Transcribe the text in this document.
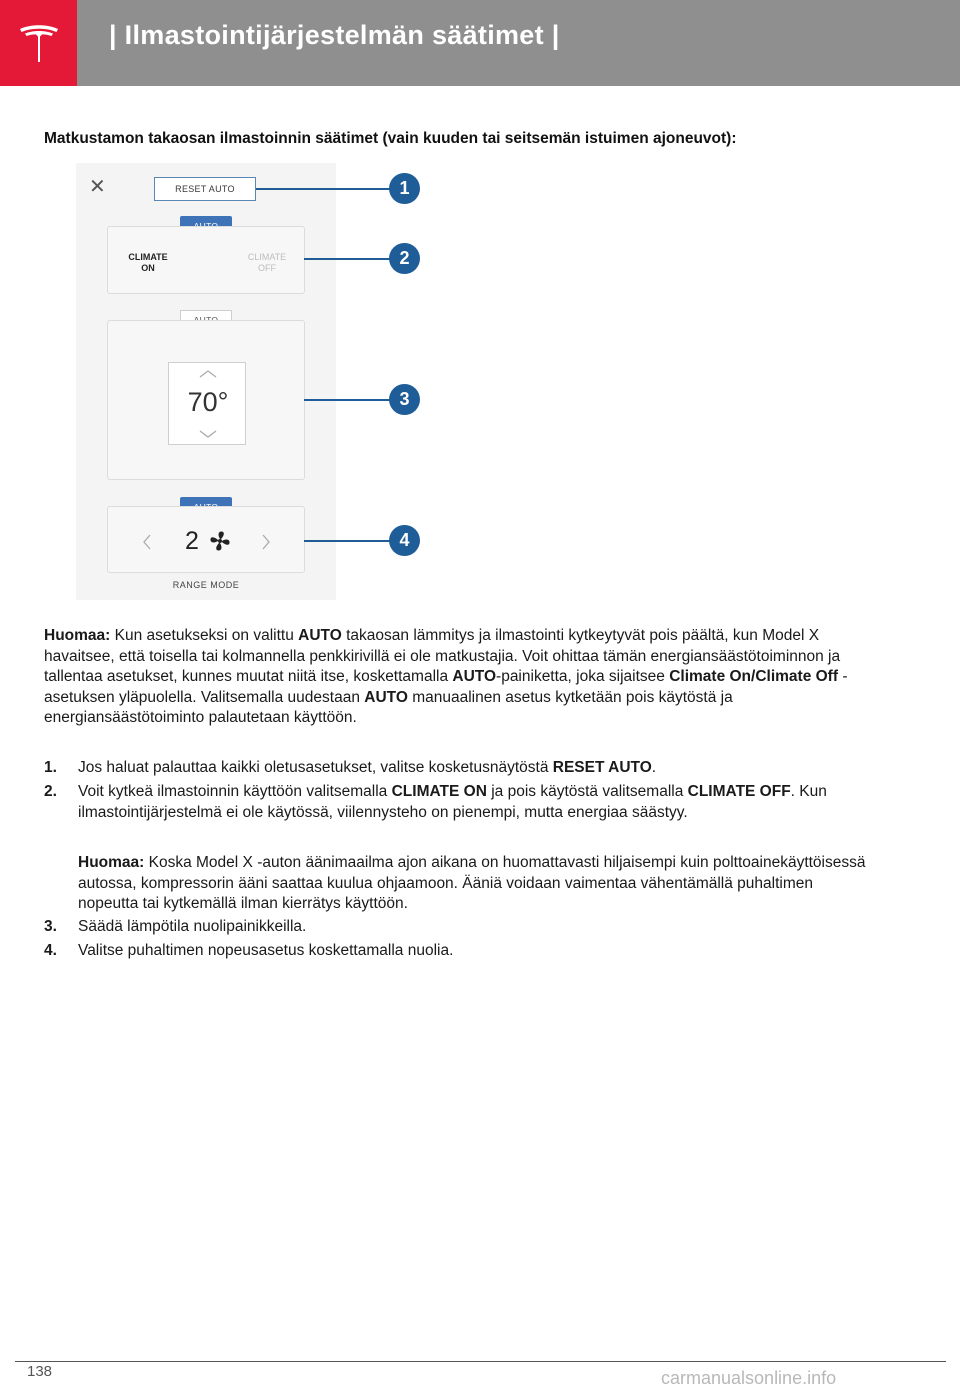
| Ilmastointijärjestelmän säätimet |
Matkustamon takaosan ilmastoinnin säätimet (vain kuuden tai seitsemän istuimen ajoneuvot):
✕	RESET AUTO
CLIMATE ON
CLIMATE OFF
70°
2
RANGE MODE
1
2
3
4
Huomaa: Kun asetukseksi on valittu AUTO takaosan lämmitys ja ilmastointi kytkeytyvät pois päältä, kun Model X havaitsee, että toisella tai kolmannella penkkirivillä ei ole matkustajia. Voit ohittaa tämän energiansäästötoiminnon ja tallentaa asetukset, kunnes muutat niitä itse, koskettamalla AUTO-painiketta, joka sijaitsee Climate On/Climate Off -asetuksen yläpuolella. Valitsemalla uudestaan AUTO manuaalinen asetus kytketään pois käytöstä ja energiansäästötoiminto palautetaan käyttöön.
1. Jos haluat palauttaa kaikki oletusasetukset, valitse kosketusnäytöstä RESET AUTO.
2. Voit kytkeä ilmastoinnin käyttöön valitsemalla CLIMATE ON ja pois käytöstä valitsemalla CLIMATE OFF. Kun ilmastointijärjestelmä ei ole käytössä, viilennysteho on pienempi, mutta energiaa säästyy.
Huomaa: Koska Model X -auton äänimaailma ajon aikana on huomattavasti hiljaisempi kuin polttoainekäyttöisessä autossa, kompressorin ääni saattaa kuulua ohjaamoon. Ääniä voidaan vaimentaa vähentämällä puhaltimen nopeutta tai kytkemällä ilman kierrätys käyttöön.
3. Säädä lämpötila nuolipainikkeilla.
4. Valitse puhaltimen nopeusasetus koskettamalla nuolia.
138	carmanualsonline.info
